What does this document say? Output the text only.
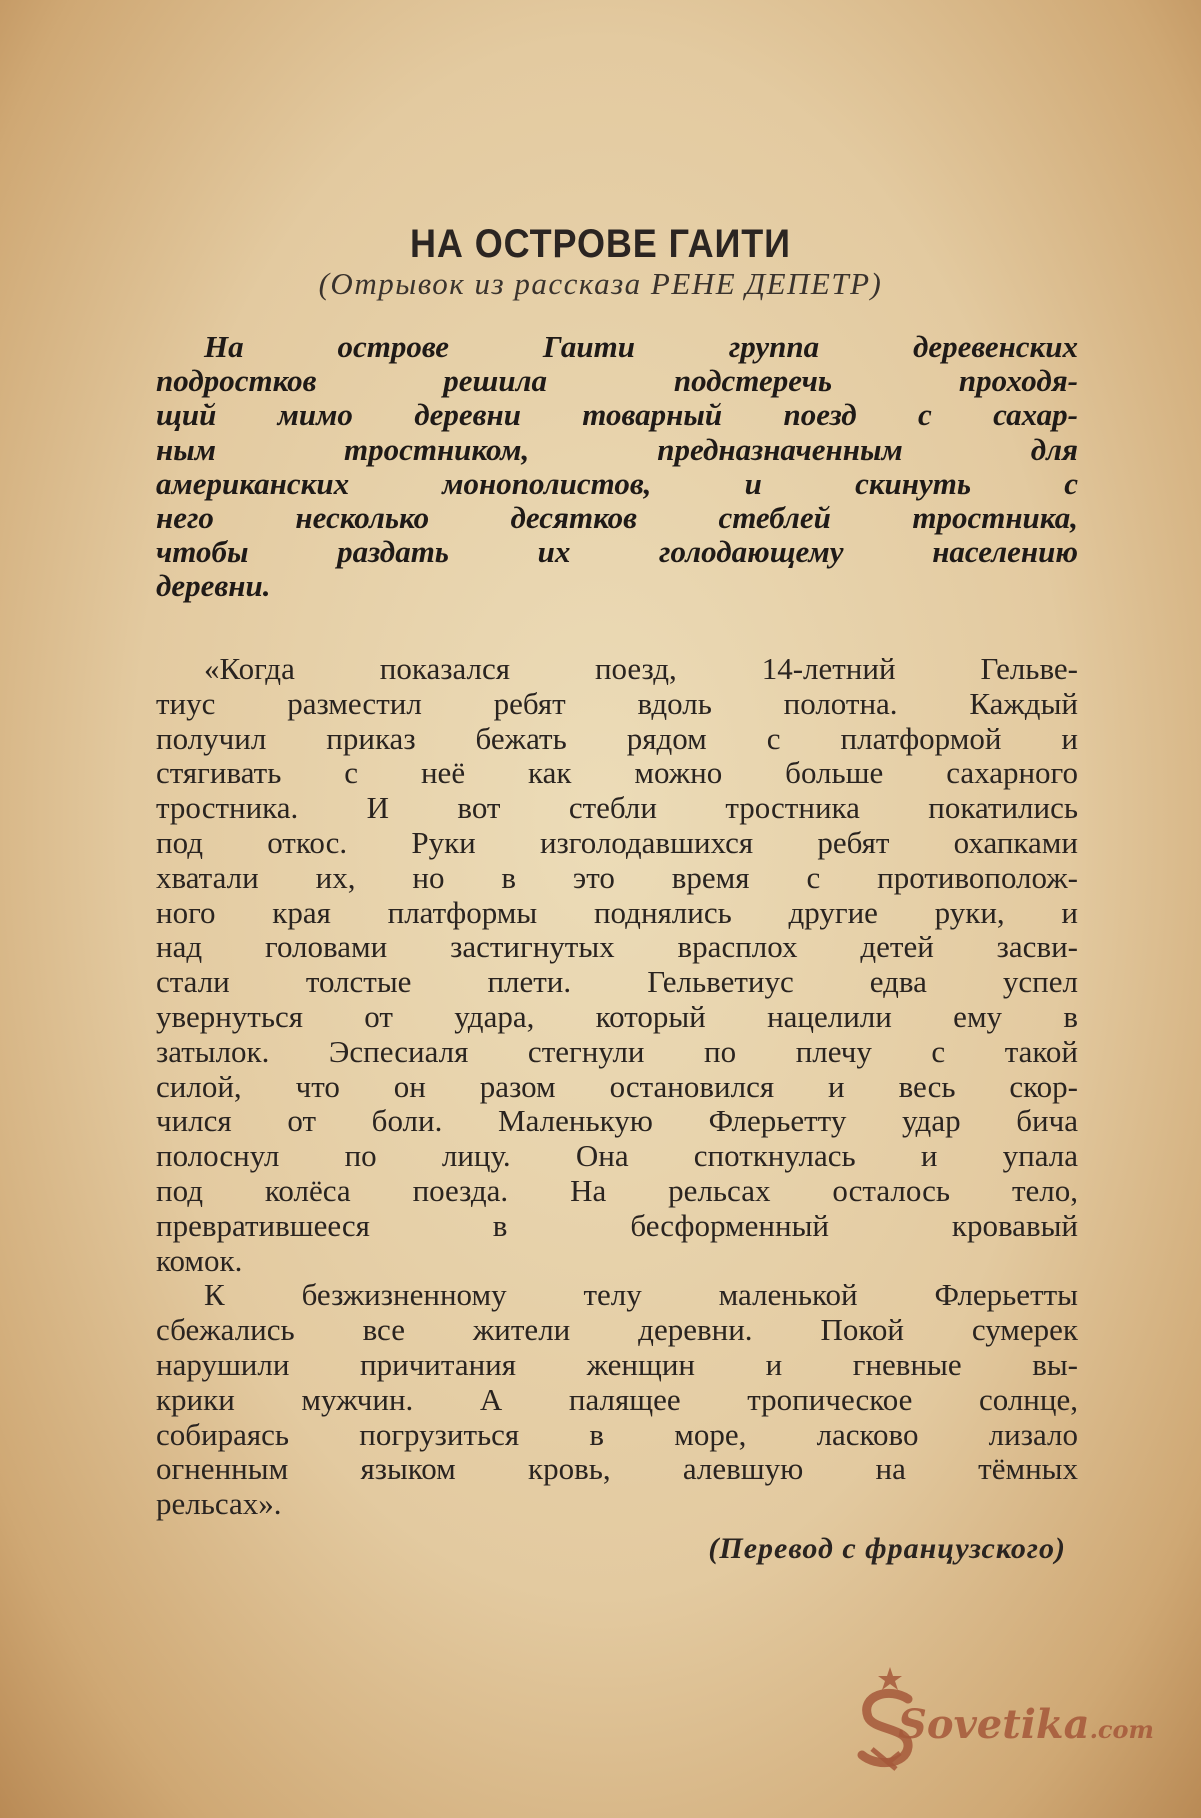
НА ОСТРОВЕ ГАИТИ
(Отрывок из рассказа РЕНЕ ДЕПЕТР)
На острове Гаити группа деревенских
подростков решила подстеречь проходя-
щий мимо деревни товарный поезд с сахар-
ным тростником, предназначенным для
американских монополистов, и скинуть с
него несколько десятков стеблей тростника,
чтобы раздать их голодающему населению
деревни.
«Когда показался поезд, 14-летний Гельве-
тиус разместил ребят вдоль полотна. Каждый
получил приказ бежать рядом с платформой и
стягивать с неё как можно больше сахарного
тростника. И вот стебли тростника покатились
под откос. Руки изголодавшихся ребят охапками
хватали их, но в это время с противополож-
ного края платформы поднялись другие руки, и
над головами застигнутых врасплох детей засви-
стали толстые плети. Гельветиус едва успел
увернуться от удара, который нацелили ему в
затылок. Эспесиаля стегнули по плечу с такой
силой, что он разом остановился и весь скор-
чился от боли. Маленькую Флерьетту удар бича
полоснул по лицу. Она споткнулась и упала
под колёса поезда. На рельсах осталось тело,
превратившееся в бесформенный кровавый
комок.
К безжизненному телу маленькой Флерьетты
сбежались все жители деревни. Покой сумерек
нарушили причитания женщин и гневные вы-
крики мужчин. А палящее тропическое солнце,
собираясь погрузиться в море, ласково лизало
огненным языком кровь, алевшую на тёмных
рельсах».
(Перевод с французского)
Sovetika.com
